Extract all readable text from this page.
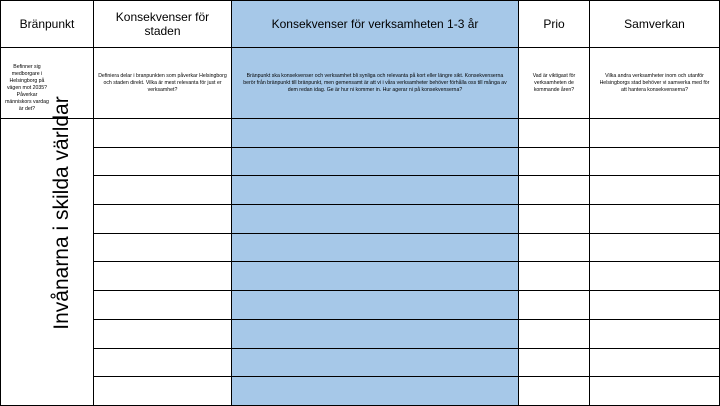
Bränpunkt	Konsekvenser för staden	Konsekvenser för verksamheten 1-3 år	Prio	Samverkan

Befinner sig medborgare i Helsingborg på vägen mot 2035? Påverkar människors vardag är det?	Definiera delar i branpunkten som påverkar Helsingborg och staden direkt. Vilka är mest relevanta för just er verksamhet?	Bränpunkt ska konsekvenser och verksamhet bli synliga och relevanta på kort eller längre sikt. Konsekvenserna berör från bränpunkt till bränpunkt, men gemensamt är att vi i våra verksamheter behöver förhålla oss till många av dem redan idag. Ge är hur ni kommer in. Hur agerar ni på konsekvenserna?	Vad är viktigast för verksamheten de kommande åren?	Vilka andra verksamheter inom och utanför Helsingborgs stad behöver vi samverka med för att hantera konsekvenserna?

Invånarna i skilda världar
